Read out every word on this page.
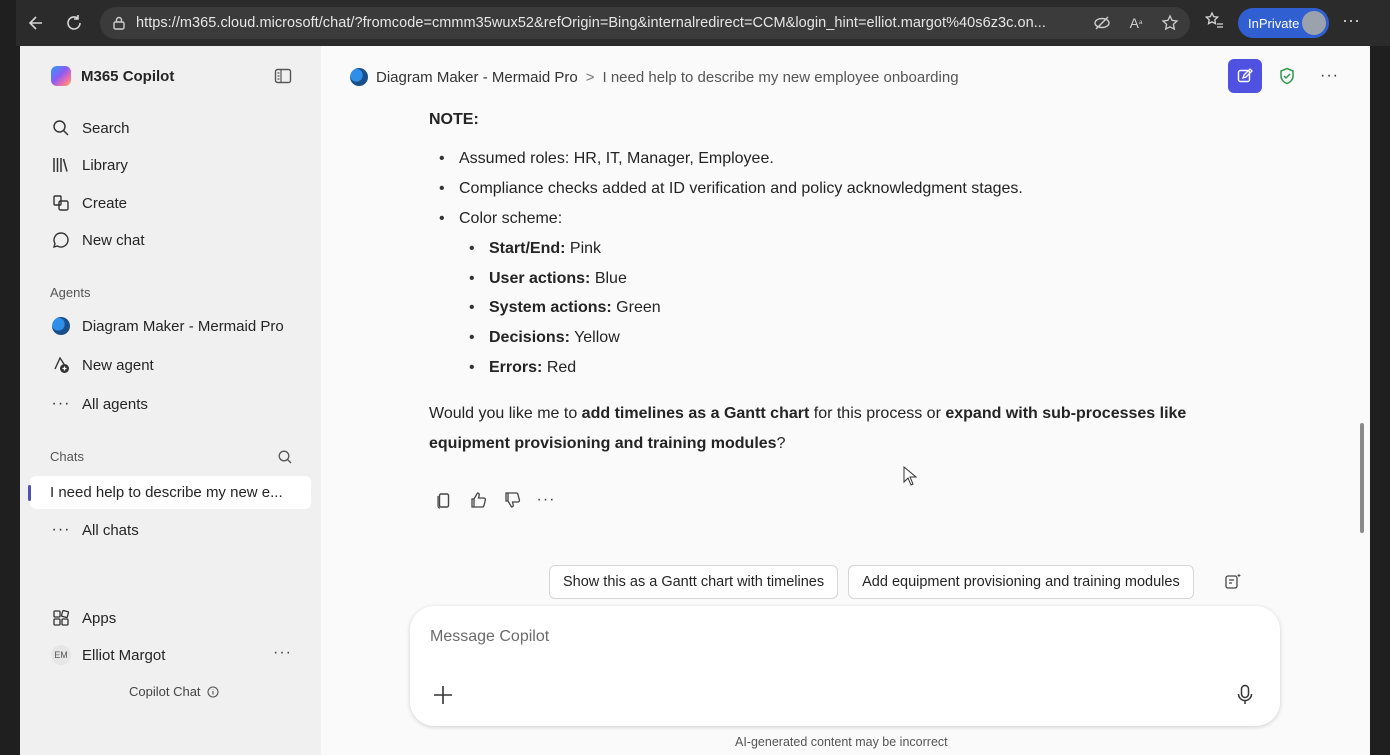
https://m365.cloud.microsoft/chat/?fromcode=cmmm35wux52&refOrigin=Bing&internalredirect=CCM&login_hint=elliot.margot%40s6z3c.on...	A ᵃ	InPrivate ···
M365 Copilot
Search
Library
Create
New chat
Agents
Diagram Maker - Mermaid Pro
New agent
··· All agents
Chats
I need help to describe my new e...
··· All chats
Apps
EM Elliot Margot	···
Copilot Chat
Diagram Maker - Mermaid Pro > I need help to describe my new employee onboarding	···
NOTE:
• Assumed roles: HR, IT, Manager, Employee.
• Compliance checks added at ID verification and policy acknowledgment stages.
• Color scheme:
• Start/End: Pink
• User actions: Blue
• System actions: Green
• Decisions: Yellow
• Errors: Red

Would you like me to add timelines as a Gantt chart for this process or expand with sub-processes like equipment provisioning and training modules?

···
Show this as a Gantt chart with timelines	Add equipment provisioning and training modules
Message Copilot
AI-generated content may be incorrect
